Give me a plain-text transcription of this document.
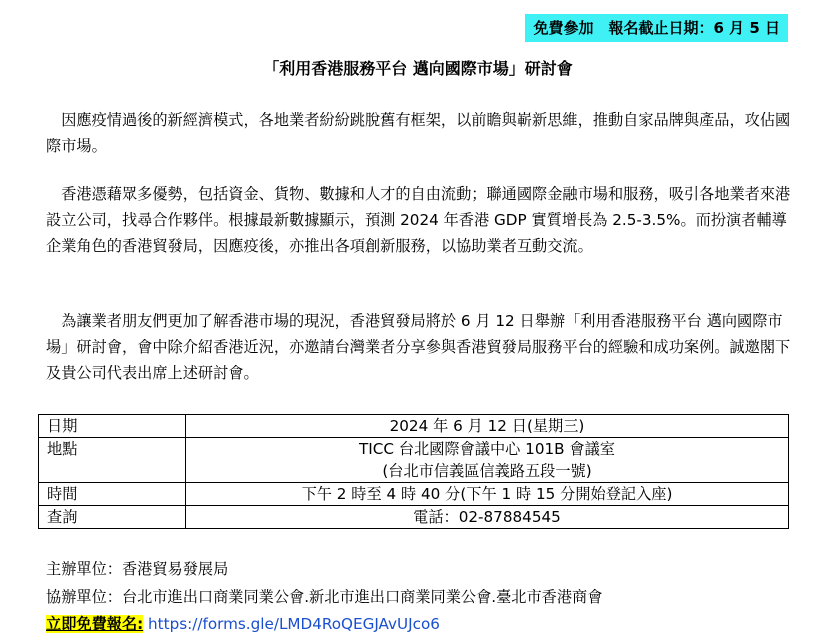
免費參加　報名截止日期：6 月 5 日
「利用香港服務平台 邁向國際市場」研討會

　因應疫情過後的新經濟模式，各地業者紛紛跳脫舊有框架，以前瞻與嶄新思維，推動自家品牌與產品，攻佔國際市場。

　香港憑藉眾多優勢，包括資金、貨物、數據和人才的自由流動；聯通國際金融市場和服務，吸引各地業者來港設立公司，找尋合作夥伴。根據最新數據顯示，預測 2024 年香港 GDP 實質增長為 2.5-3.5%。而扮演者輔導企業角色的香港貿發局，因應疫後，亦推出各項創新服務，以協助業者互動交流。

　為讓業者朋友們更加了解香港市場的現況，香港貿發局將於 6 月 12 日舉辦「利用香港服務平台 邁向國際市場」研討會，會中除介紹香港近況，亦邀請台灣業者分享參與香港貿發局服務平台的經驗和成功案例。誠邀閣下及貴公司代表出席上述研討會。

日期	2024 年 6 月 12 日(星期三)
地點	TICC 台北國際會議中心 101B 會議室
(台北市信義區信義路五段一號)

時間	下午 2 時至 4 時 40 分(下午 1 時 15 分開始登記入座)
查詢	電話：02-87884545
主辦單位：香港貿易發展局
協辦單位：台北市進出口商業同業公會.新北市進出口商業同業公會.臺北市香港商會
立即免費報名: https://forms.gle/LMD4RoQEGJAvUJco6
